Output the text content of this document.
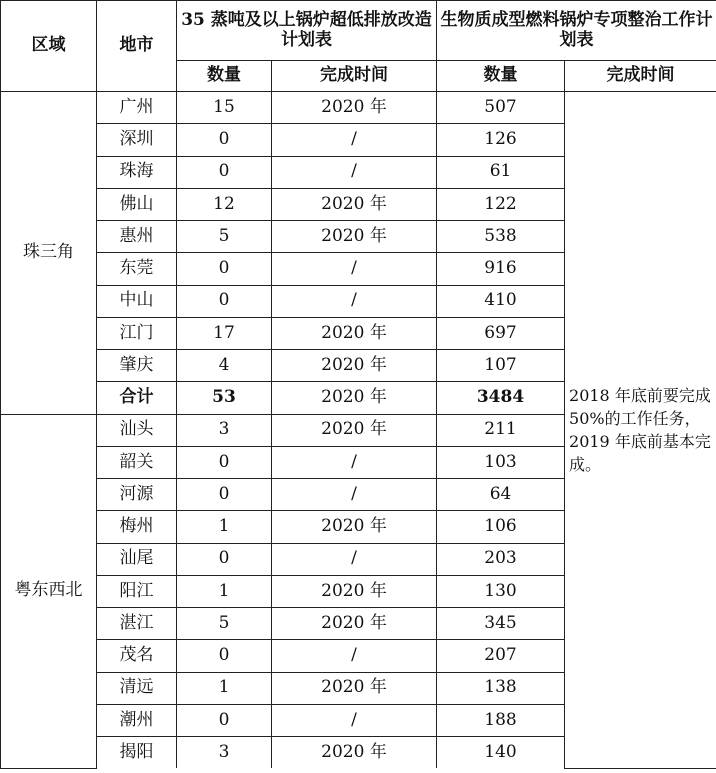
区域	地市	35 蒸吨及以上锅炉超低排放改造计划表		生物质成型燃料锅炉专项整治工作计划表	
		数量	完成时间	数量	完成时间
珠三角	广州	15	2020 年	507	2018 年底前要完成 50%的工作任务，2019 年底前基本完成。
	深圳	0	/	126	
	珠海	0	/	61	
	佛山	12	2020 年	122	
	惠州	5	2020 年	538	
	东莞	0	/	916	
	中山	0	/	410	
	江门	17	2020 年	697	
	肇庆	4	2020 年	107	
	合计	53	2020 年	3484	
粤东西北	汕头	3	2020 年	211	
	韶关	0	/	103	
	河源	0	/	64	
	梅州	1	2020 年	106	
	汕尾	0	/	203	
	阳江	1	2020 年	130	
	湛江	5	2020 年	345	
	茂名	0	/	207	
	清远	1	2020 年	138	
	潮州	0	/	188	
	揭阳	3	2020 年	140	
